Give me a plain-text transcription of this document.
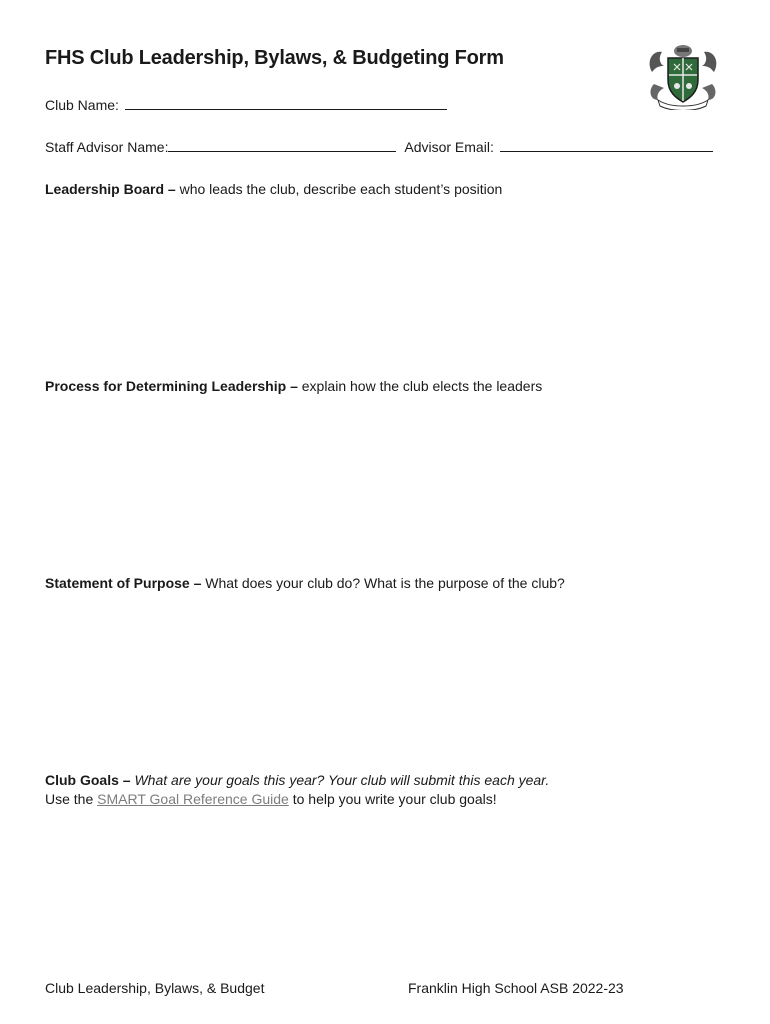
FHS Club Leadership, Bylaws, & Budgeting Form
Club Name:
Staff Advisor Name:	Advisor Email:
Leadership Board – who leads the club, describe each student’s position
Process for Determining Leadership – explain how the club elects the leaders
Statement of Purpose – What does your club do? What is the purpose of the club?
Club Goals – What are your goals this year? Your club will submit this each year.
Use the SMART Goal Reference Guide to help you write your club goals!
Club Leadership, Bylaws, & Budget	Franklin High School ASB 2022-23
